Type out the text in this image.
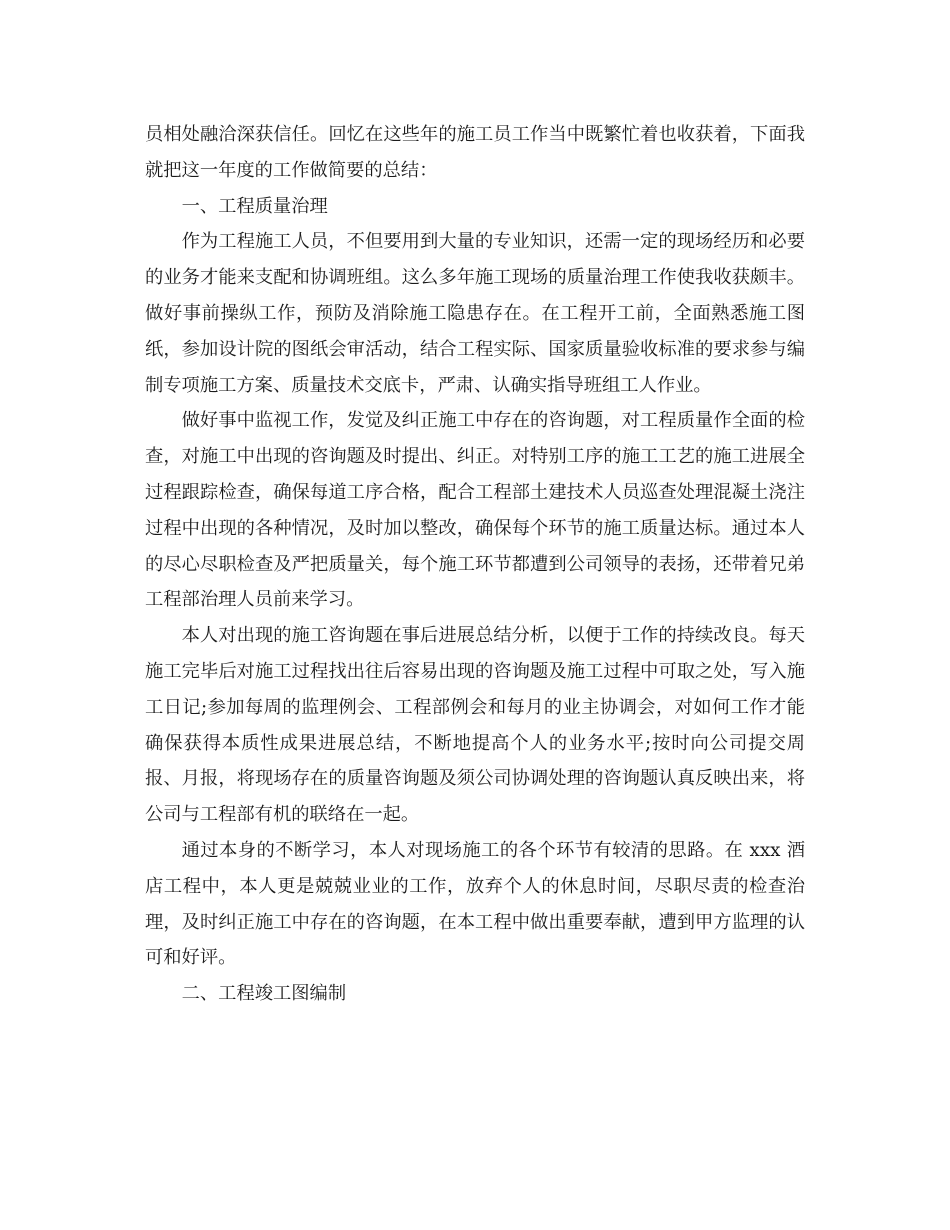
员相处融洽深获信任。回忆在这些年的施工员工作当中既繁忙着也收获着，下面我就把这一年度的工作做简要的总结：

一、工程质量治理

作为工程施工人员，不但要用到大量的专业知识，还需一定的现场经历和必要的业务才能来支配和协调班组。这么多年施工现场的质量治理工作使我收获颇丰。做好事前操纵工作，预防及消除施工隐患存在。在工程开工前，全面熟悉施工图纸，参加设计院的图纸会审活动，结合工程实际、国家质量验收标准的要求参与编制专项施工方案、质量技术交底卡，严肃、认确实指导班组工人作业。

做好事中监视工作，发觉及纠正施工中存在的咨询题，对工程质量作全面的检查，对施工中出现的咨询题及时提出、纠正。对特别工序的施工工艺的施工进展全过程跟踪检查，确保每道工序合格，配合工程部土建技术人员巡查处理混凝土浇注过程中出现的各种情况，及时加以整改，确保每个环节的施工质量达标。通过本人的尽心尽职检查及严把质量关，每个施工环节都遭到公司领导的表扬，还带着兄弟工程部治理人员前来学习。

本人对出现的施工咨询题在事后进展总结分析，以便于工作的持续改良。每天施工完毕后对施工过程找出往后容易出现的咨询题及施工过程中可取之处，写入施工日记;参加每周的监理例会、工程部例会和每月的业主协调会，对如何工作才能确保获得本质性成果进展总结，不断地提高个人的业务水平;按时向公司提交周报、月报，将现场存在的质量咨询题及须公司协调处理的咨询题认真反映出来，将公司与工程部有机的联络在一起。

通过本身的不断学习，本人对现场施工的各个环节有较清的思路。在 xxx 酒店工程中，本人更是兢兢业业的工作，放弃个人的休息时间，尽职尽责的检查治理，及时纠正施工中存在的咨询题，在本工程中做出重要奉献，遭到甲方监理的认可和好评。

二、工程竣工图编制
